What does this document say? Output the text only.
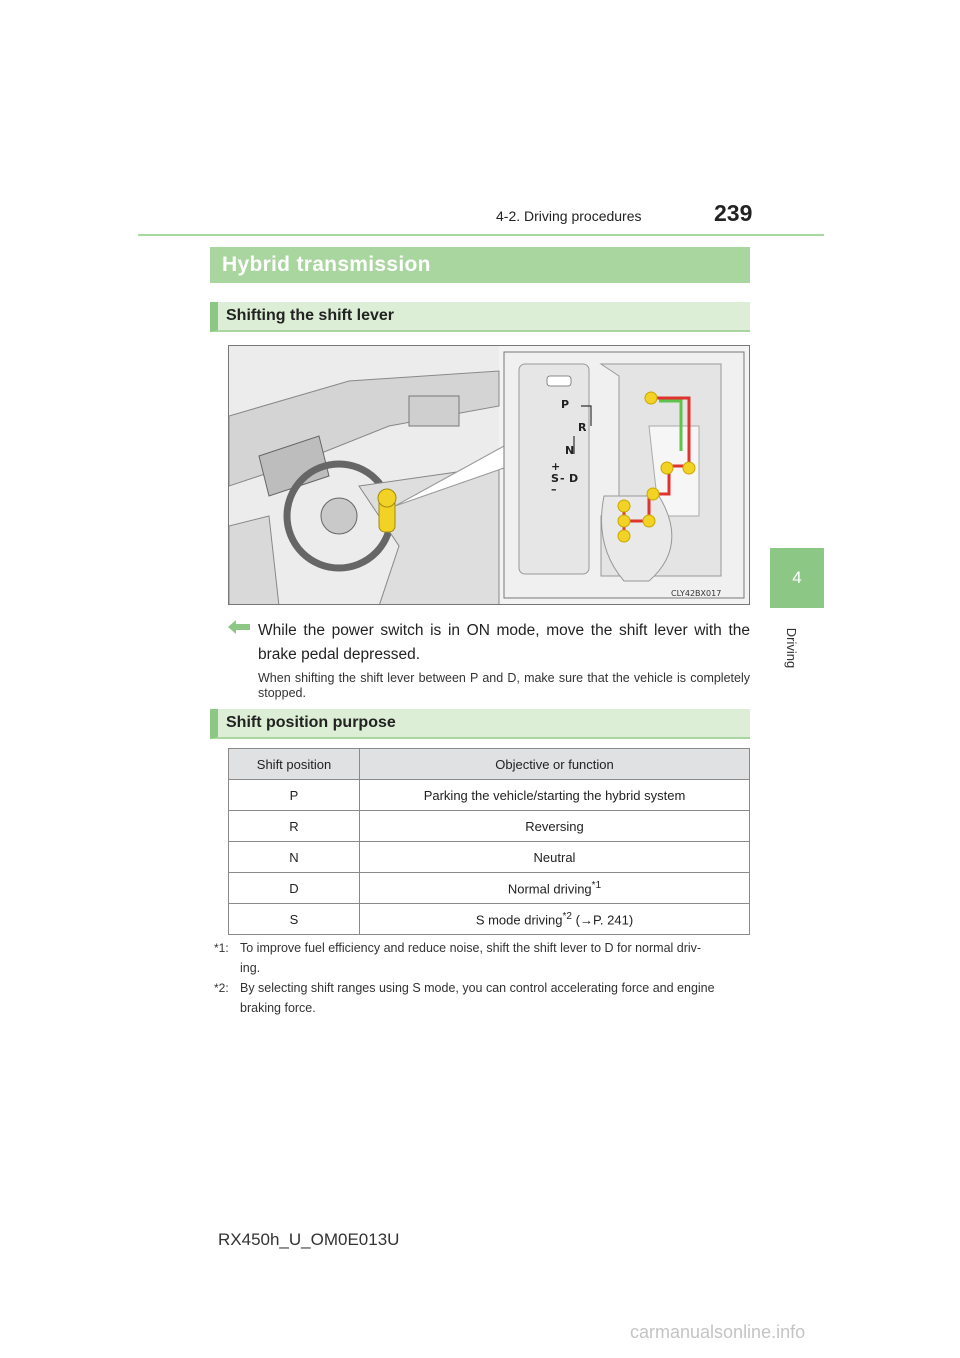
4-2. Driving procedures	239
4
Driving
Hybrid transmission
Shifting the shift lever
P
R
N
D
+
S -
–
CLY42BX017
While the power switch is in ON mode, move the shift lever with the brake pedal depressed.
When shifting the shift lever between P and D, make sure that the vehicle is completely stopped.
Shift position purpose
Shift position	Objective or function
P	Parking the vehicle/starting the hybrid system
R	Reversing
N	Neutral
D	Normal driving$^{*1}$
S	S mode driving$^{*2}$ (→P. 241)
*1: To improve fuel efficiency and reduce noise, shift the shift lever to D for normal driv-
ing.
*2: By selecting shift ranges using S mode, you can control accelerating force and engine
braking force.
RX450h_U_OM0E013U
carmanualsonline.info
